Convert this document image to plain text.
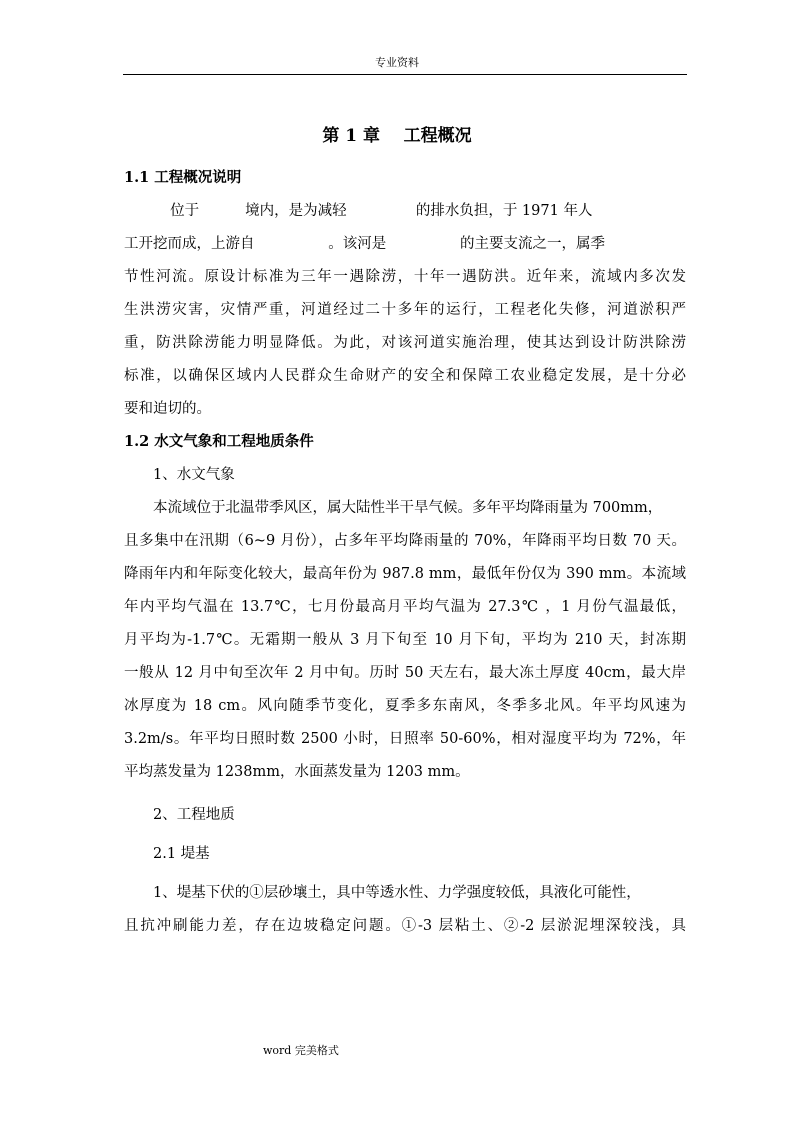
专业资料
第 1 章    工程概况
1.1 工程概况说明
位于          境内，是为减轻               的排水负担，于 1971 年人
工开挖而成，上游自                。该河是                的主要支流之一，属季
节性河流。原设计标准为三年一遇除涝，十年一遇防洪。近年来，流域内多次发
生洪涝灾害，灾情严重，河道经过二十多年的运行，工程老化失修，河道淤积严
重，防洪除涝能力明显降低。为此，对该河道实施治理，使其达到设计防洪除涝
标准，以确保区域内人民群众生命财产的安全和保障工农业稳定发展，是十分必
要和迫切的。
1.2 水文气象和工程地质条件
1、水文气象
本流域位于北温带季风区，属大陆性半干旱气候。多年平均降雨量为 700mm，
且多集中在汛期（6~9 月份），占多年平均降雨量的 70%，年降雨平均日数 70 天。
降雨年内和年际变化较大，最高年份为 987.8 mm，最低年份仅为 390 mm。本流域
年内平均气温在 13.7℃，七月份最高月平均气温为 27.3℃ ，1 月份气温最低，
月平均为-1.7℃。无霜期一般从 3 月下旬至 10 月下旬，平均为 210 天，封冻期
一般从 12 月中旬至次年 2 月中旬。历时 50 天左右，最大冻土厚度 40cm，最大岸
冰厚度为 18 cm。风向随季节变化，夏季多东南风，冬季多北风。年平均风速为
3.2m/s。年平均日照时数 2500 小时，日照率 50-60%，相对湿度平均为 72%，年
平均蒸发量为 1238mm，水面蒸发量为 1203 mm。
2、工程地质
2.1 堤基
1、堤基下伏的①层砂壤土，具中等透水性、力学强度较低，具液化可能性，
且抗冲刷能力差，存在边坡稳定问题。①-3 层粘土、②-2 层淤泥埋深较浅，具
word 完美格式
